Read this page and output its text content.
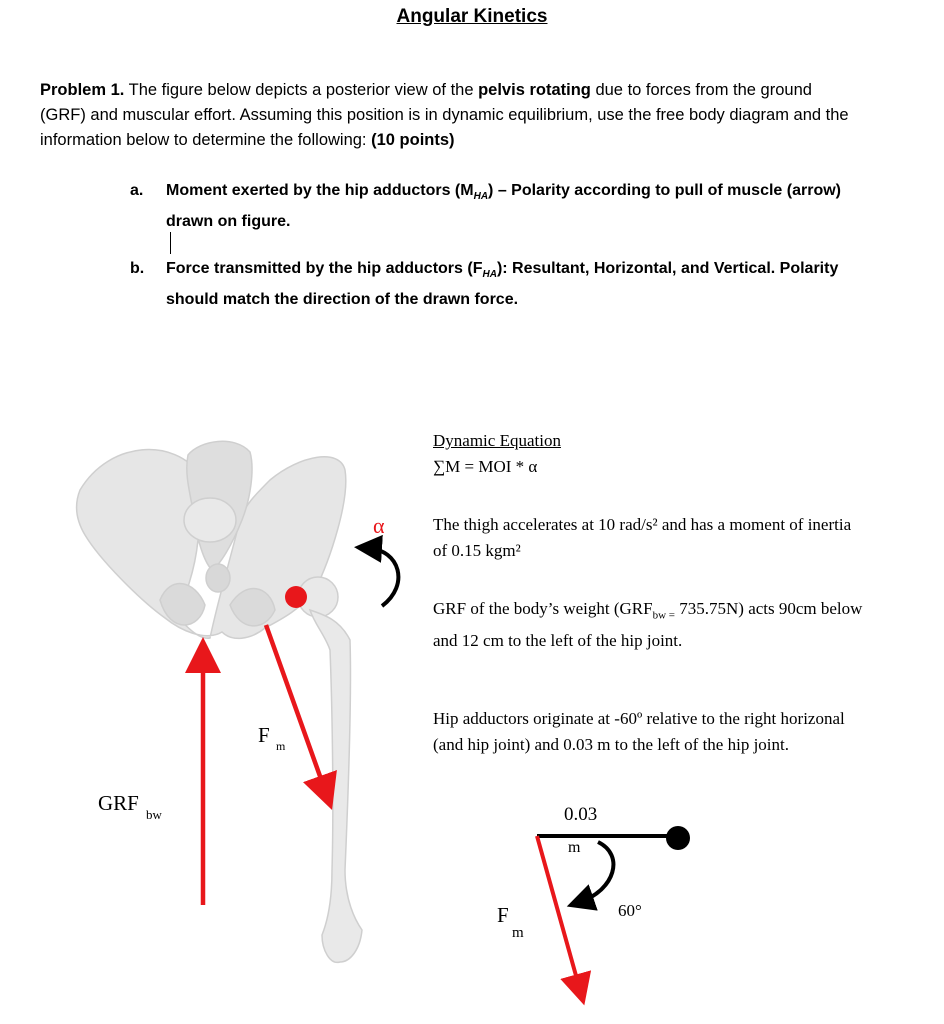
Angular Kinetics
Problem 1. The figure below depicts a posterior view of the pelvis rotating due to forces from the ground (GRF) and muscular effort. Assuming this position is in dynamic equilibrium, use the free body diagram and the information below to determine the following: (10 points)
a.	Moment exerted by the hip adductors $(M_{HA})$ – Polarity according to pull of muscle (arrow) drawn on figure.
b.	Force transmitted by the hip adductors $(F_{HA})$: Resultant, Horizontal, and Vertical. Polarity should match the direction of the drawn force.

Dynamic Equation

∑M = MOI * α

The thigh accelerates at 10 rad/s² and has a moment of inertia of 0.15 kgm²
GRF of the body’s weight ($GRF_{bw =}$ 735.75N) acts 90cm below and 12 cm to the left of the hip joint.
Hip adductors originate at -60º relative to the right horizonal (and hip joint) and 0.03 m to the left of the hip joint.
α
F m
GRF bw	0.03
m
F
m
60°
